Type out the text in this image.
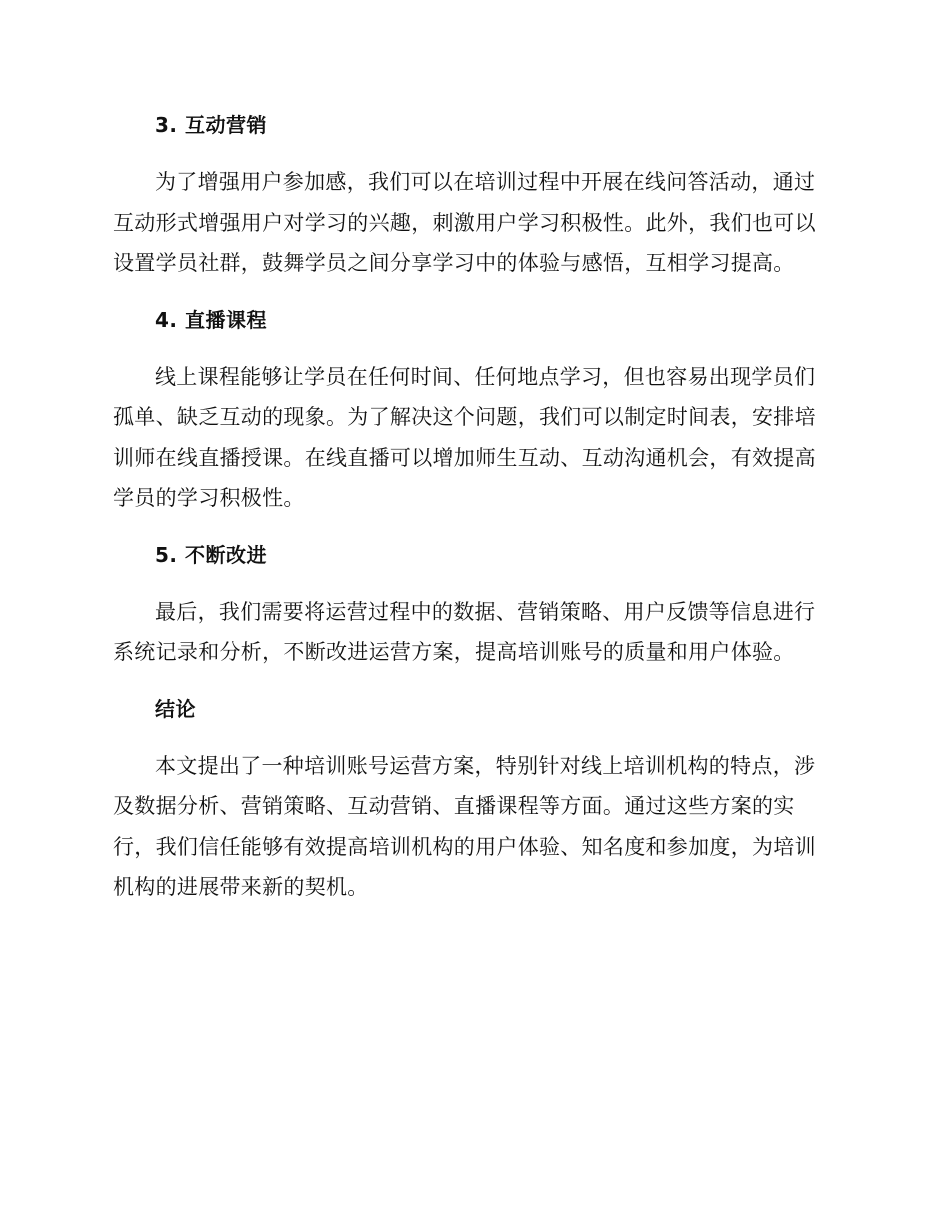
3. 互动营销

为了增强用户参加感，我们可以在培训过程中开展在线问答活动，通过
互动形式增强用户对学习的兴趣，刺激用户学习积极性。此外，我们也可以
设置学员社群，鼓舞学员之间分享学习中的体验与感悟，互相学习提高。

4. 直播课程

线上课程能够让学员在任何时间、任何地点学习，但也容易出现学员们
孤单、缺乏互动的现象。为了解决这个问题，我们可以制定时间表，安排培
训师在线直播授课。在线直播可以增加师生互动、互动沟通机会，有效提高
学员的学习积极性。

5. 不断改进

最后，我们需要将运营过程中的数据、营销策略、用户反馈等信息进行
系统记录和分析，不断改进运营方案，提高培训账号的质量和用户体验。

结论

本文提出了一种培训账号运营方案，特别针对线上培训机构的特点，涉
及数据分析、营销策略、互动营销、直播课程等方面。通过这些方案的实
行，我们信任能够有效提高培训机构的用户体验、知名度和参加度，为培训
机构的进展带来新的契机。
